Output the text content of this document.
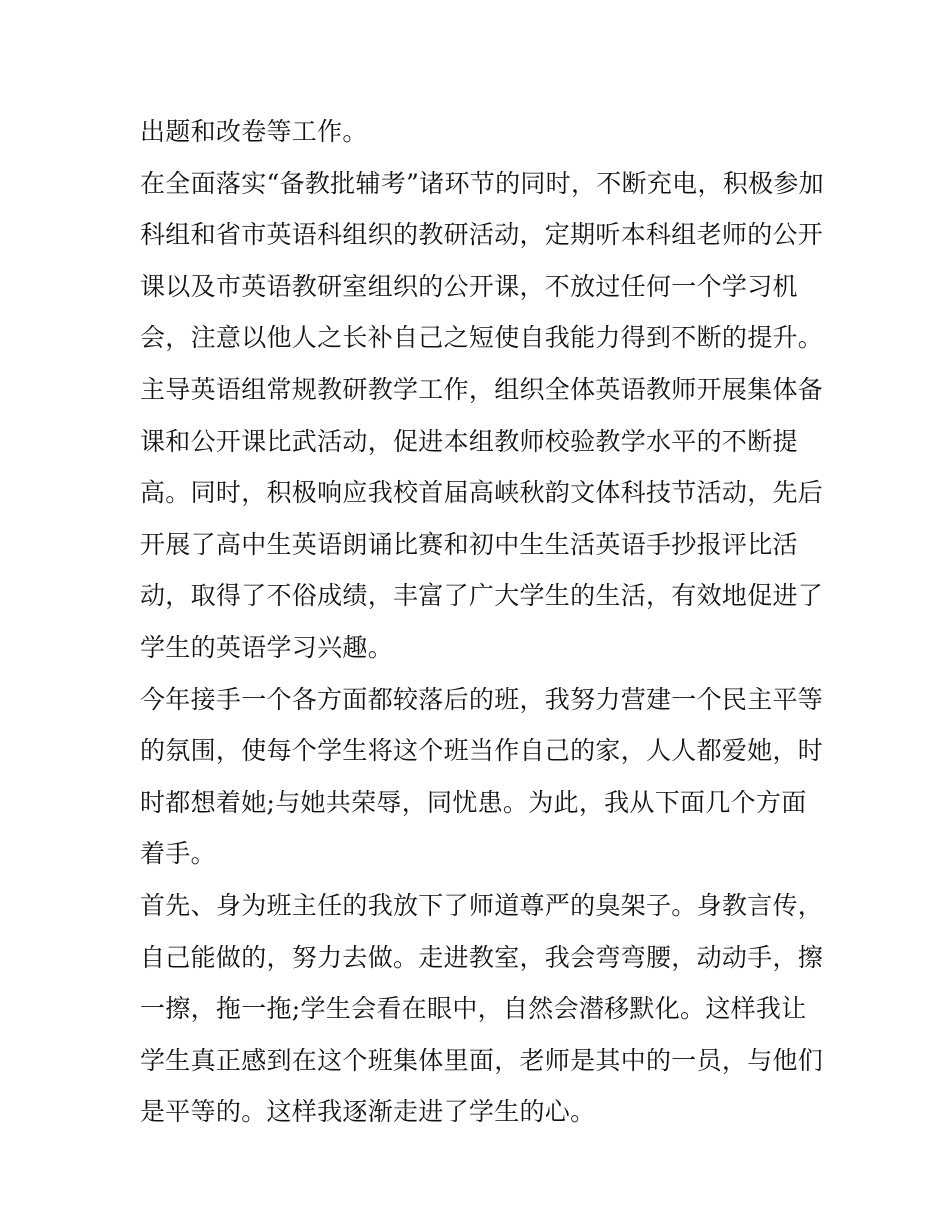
出题和改卷等工作。
在全面落实“备教批辅考”诸环节的同时，不断充电，积极参加
科组和省市英语科组织的教研活动，定期听本科组老师的公开
课以及市英语教研室组织的公开课，不放过任何一个学习机
会，注意以他人之长补自己之短使自我能力得到不断的提升。
主导英语组常规教研教学工作，组织全体英语教师开展集体备
课和公开课比武活动，促进本组教师校验教学水平的不断提
高。同时，积极响应我校首届高峡秋韵文体科技节活动，先后
开展了高中生英语朗诵比赛和初中生生活英语手抄报评比活
动，取得了不俗成绩，丰富了广大学生的生活，有效地促进了
学生的英语学习兴趣。
今年接手一个各方面都较落后的班，我努力营建一个民主平等
的氛围，使每个学生将这个班当作自己的家，人人都爱她，时
时都想着她;与她共荣辱，同忧患。为此，我从下面几个方面
着手。
首先、身为班主任的我放下了师道尊严的臭架子。身教言传，
自己能做的，努力去做。走进教室，我会弯弯腰，动动手，擦
一擦，拖一拖;学生会看在眼中，自然会潜移默化。这样我让
学生真正感到在这个班集体里面，老师是其中的一员，与他们
是平等的。这样我逐渐走进了学生的心。
